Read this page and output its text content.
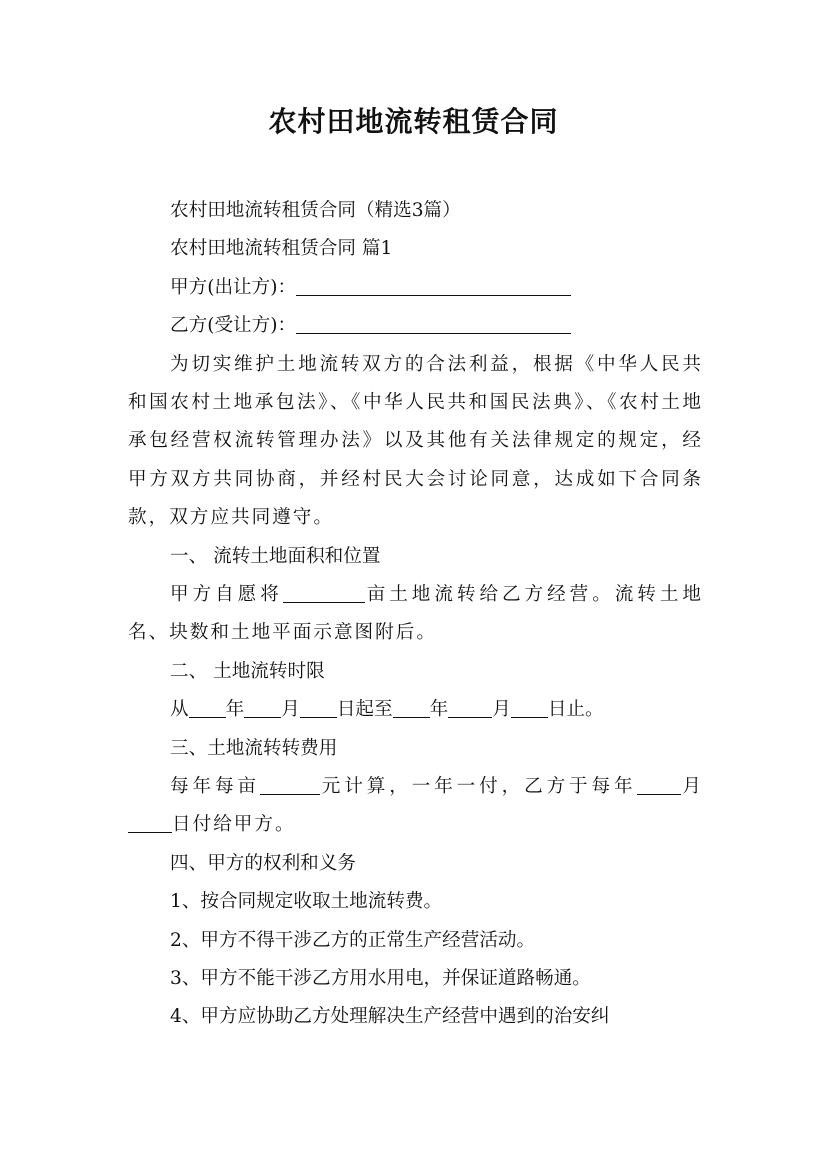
农村田地流转租赁合同
农村田地流转租赁合同（精选3篇）
农村田地流转租赁合同 篇1
甲方(出让方)：
乙方(受让方)：
为切实维护土地流转双方的合法利益，根据《中华人民共和国农村土地承包法》、《中华人民共和国民法典》、《农村土地承包经营权流转管理办法》以及其他有关法律规定的规定，经甲方双方共同协商，并经村民大会讨论同意，达成如下合同条款，双方应共同遵守。
一、 流转土地面积和位置
甲方自愿将	亩土地流转给乙方经营。流转土地名、块数和土地平面示意图附后。
二、 土地流转时限
从 年 月 日起至 年 月 日止。
三、土地流转转费用
每年每亩	元计算，一年一付，乙方于每年 月日付给甲方。
四、甲方的权利和义务
1、按合同规定收取土地流转费。
2、甲方不得干涉乙方的正常生产经营活动。
3、甲方不能干涉乙方用水用电，并保证道路畅通。
4、甲方应协助乙方处理解决生产经营中遇到的治安纠
